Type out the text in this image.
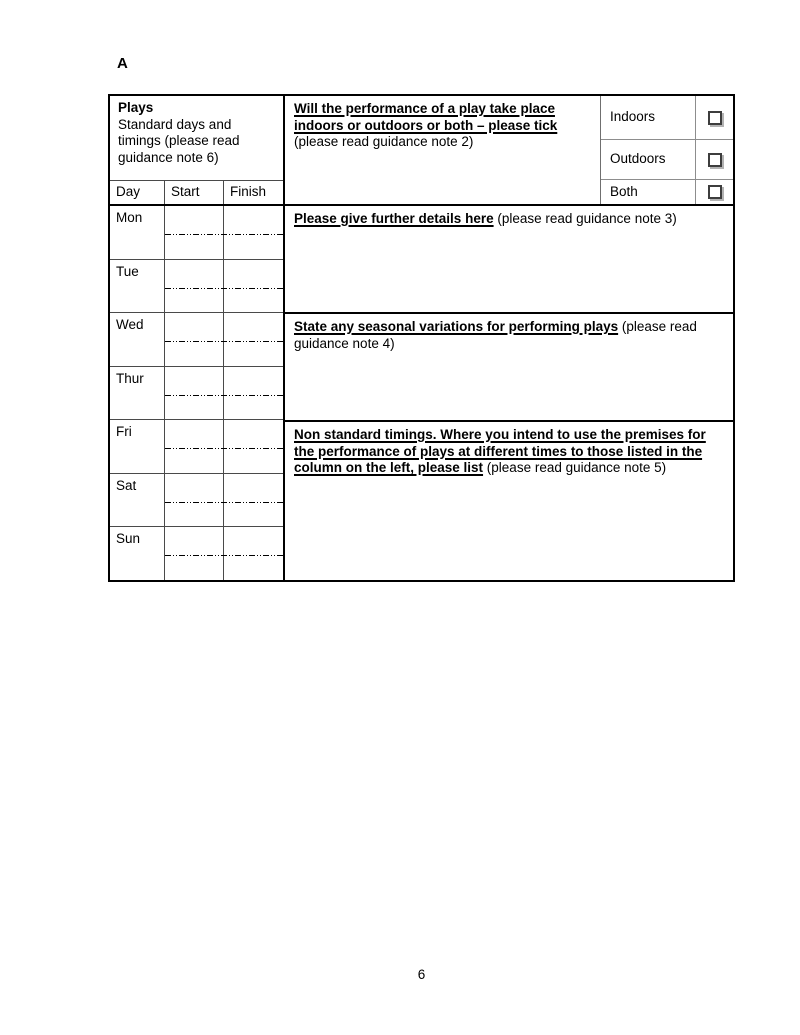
A
Plays
Standard days and timings (please read guidance note 6)
Day	Start	Finish
Mon
Tue
Wed
Thur
Fri
Sat
Sun
Will the performance of a play take place indoors or outdoors or both – please tick
(please read guidance note 2)
Indoors
Outdoors
Both
Please give further details here (please read guidance note 3)
State any seasonal variations for performing plays (please read guidance note 4)
Non standard timings. Where you intend to use the premises for the performance of plays at different times to those listed in the column on the left, please list (please read guidance note 5)
6
